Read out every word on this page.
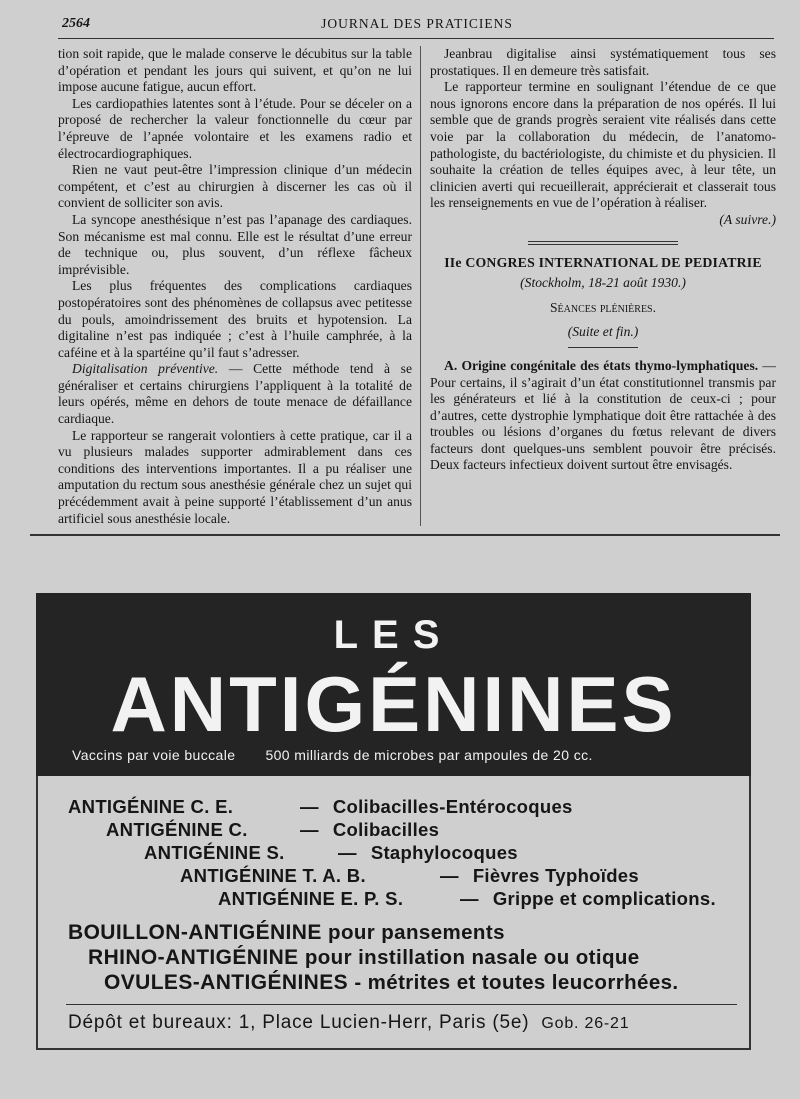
2564	JOURNAL DES PRATICIENS

tion soit rapide, que le malade conserve le décubitus sur la table d’opération et pendant les jours qui suivent, et qu’on ne lui impose aucune fatigue, aucun effort.

Les cardiopathies latentes sont à l’étude. Pour se déceler on a proposé de rechercher la valeur fonctionnelle du cœur par l’épreuve de l’apnée volontaire et les examens radio et électrocardiographiques.

Rien ne vaut peut-être l’impression clinique d’un médecin compétent, et c’est au chirurgien à discerner les cas où il convient de solliciter son avis.

La syncope anesthésique n’est pas l’apanage des cardiaques. Son mécanisme est mal connu. Elle est le résultat d’une erreur de technique ou, plus souvent, d’un réflexe fâcheux imprévisible.

Les plus fréquentes des complications cardiaques postopératoires sont des phénomènes de collapsus avec petitesse du pouls, amoindrissement des bruits et hypotension. La digitaline n’est pas indiquée ; c’est à l’huile camphrée, à la caféine et à la spartéine qu’il faut s’adresser.

Digitalisation préventive. — Cette méthode tend à se généraliser et certains chirurgiens l’appliquent à la totalité de leurs opérés, même en dehors de toute menace de défaillance cardiaque.

Le rapporteur se rangerait volontiers à cette pratique, car il a vu plusieurs malades supporter admirablement dans ces conditions des interventions importantes. Il a pu réaliser une amputation du rectum sous anesthésie générale chez un sujet qui précédemment avait à peine supporté l’établissement d’un anus artificiel sous anesthésie locale.

Jeanbrau digitalise ainsi systématiquement tous ses prostatiques. Il en demeure très satisfait.

Le rapporteur termine en soulignant l’étendue de ce que nous ignorons encore dans la préparation de nos opérés. Il lui semble que de grands progrès seraient vite réalisés dans cette voie par la collaboration du médecin, de l’anatomo-pathologiste, du bactériologiste, du chimiste et du physicien. Il souhaite la création de telles équipes avec, à leur tête, un clinicien averti qui recueillerait, apprécierait et classerait tous les renseignements en vue de l’opération à réaliser.

(A suivre.)

IIe CONGRES INTERNATIONAL DE PEDIATRIE

(Stockholm, 18-21 août 1930.)

Séances plénières.

(Suite et fin.)

A. Origine congénitale des états thymo-lymphatiques. — Pour certains, il s’agirait d’un état constitutionnel transmis par les générateurs et lié à la constitution de ceux-ci ; pour d’autres, cette dystrophie lymphatique doit être rattachée à des troubles ou lésions d’organes du fœtus relevant de divers facteurs dont quelques-uns semblent pouvoir être précisés. Deux facteurs infectieux doivent surtout être envisagés.

LES
ANTIGÉNINES
Vaccins par voie buccale 500 milliards de microbes par ampoules de 20 cc.
ANTIGÉNINE C. E.	— Colibacilles-Entérocoques
ANTIGÉNINE C.	— Colibacilles
ANTIGÉNINE S.	— Staphylocoques
ANTIGÉNINE T. A. B.	— Fièvres Typhoïdes
ANTIGÉNINE E. P. S.	— Grippe et complications.
BOUILLON-ANTIGÉNINE pour pansements
RHINO-ANTIGÉNINE pour instillation nasale ou otique
OVULES-ANTIGÉNINES - métrites et toutes leucorrhées.
Dépôt et bureaux: 1, Place Lucien-Herr, Paris (5e) Gob. 26-21
